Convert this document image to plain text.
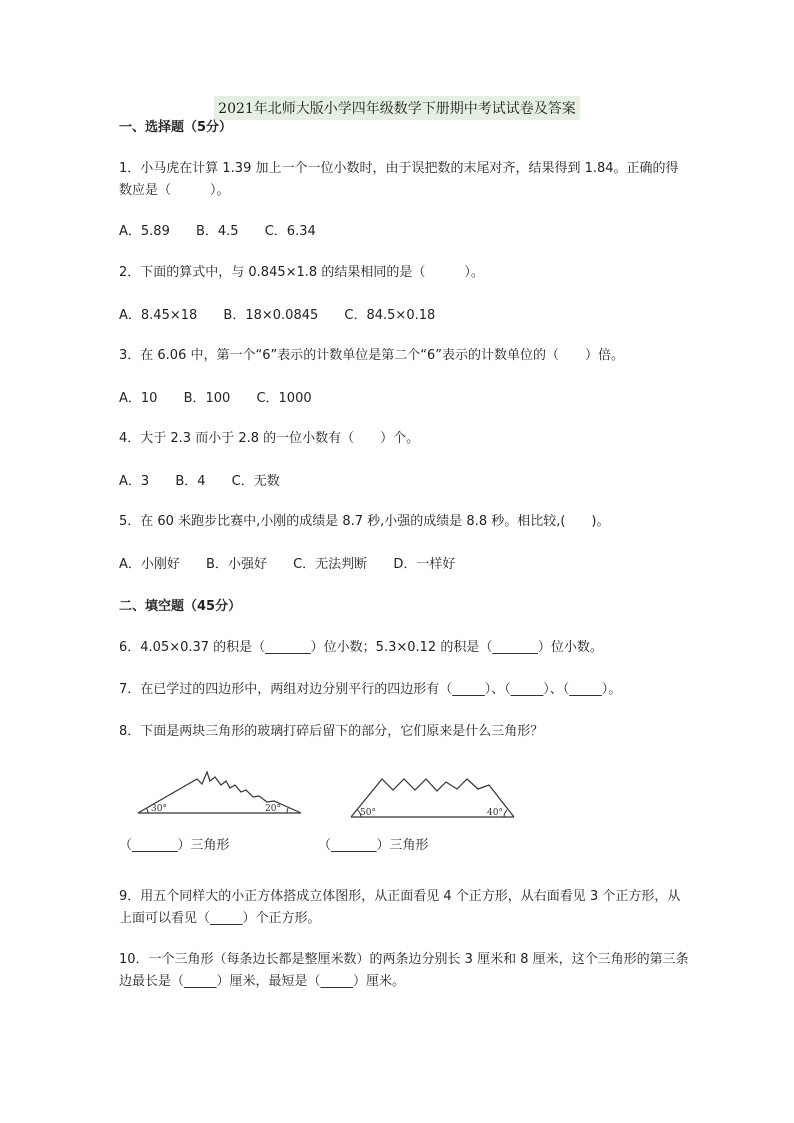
2021年北师大版小学四年级数学下册期中考试试卷及答案
一、选择题（5分）
1．小马虎在计算 1.39 加上一个一位小数时，由于误把数的末尾对齐，结果得到 1.84。正确的得数应是（　　　）。
A．5.89 B．4.5 C．6.34
2．下面的算式中，与 0.845×1.8 的结果相同的是（　　　）。
A．8.45×18 B．18×0.0845 C．84.5×0.18
3．在 6.06 中，第一个“6”表示的计数单位是第二个“6”表示的计数单位的（　　）倍。
A．10 B．100 C．1000
4．大于 2.3 而小于 2.8 的一位小数有（　　）个。
A．3 B．4 C．无数
5．在 60 米跑步比赛中,小刚的成绩是 8.7 秒,小强的成绩是 8.8 秒。相比较,(　　)。
A．小刚好 B．小强好 C．无法判断 D．一样好
二、填空题（45分）
6．4.05×0.37 的积是（_______）位小数；5.3×0.12 的积是（_______）位小数。
7．在已学过的四边形中，两组对边分别平行的四边形有（_____）、（_____）、（_____）。
8．下面是两块三角形的玻璃打碎后留下的部分，它们原来是什么三角形？
30°	20°	50°	40°
（_______）三角形	（_______）三角形
9．用五个同样大的小正方体搭成立体图形，从正面看见 4 个正方形，从右面看见 3 个正方形，从上面可以看见（_____）个正方形。
10．一个三角形（每条边长都是整厘米数）的两条边分别长 3 厘米和 8 厘米，这个三角形的第三条边最长是（_____）厘米，最短是（_____）厘米。
